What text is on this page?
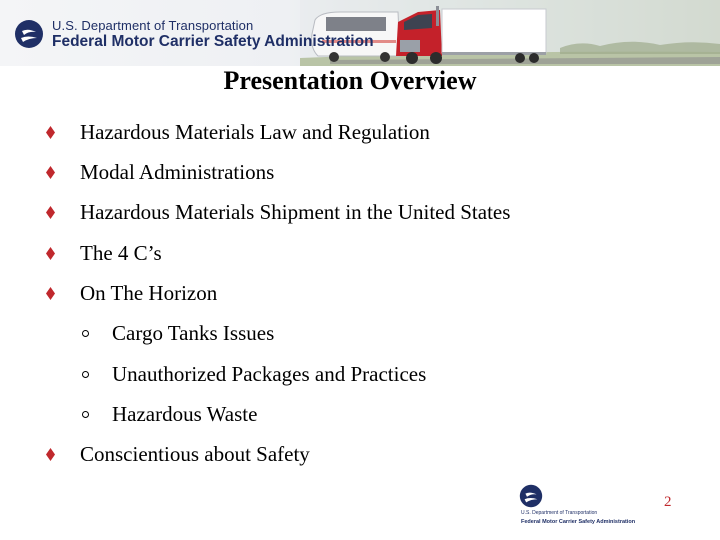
U.S. Department of Transportation
Federal Motor Carrier Safety Administration
Presentation Overview
Hazardous Materials Law and Regulation
Modal Administrations
Hazardous Materials Shipment in the United States
The 4 C’s
On The Horizon
Cargo Tanks Issues
Unauthorized Packages and Practices
Hazardous Waste
Conscientious about Safety
U.S. Department of Transportation
Federal Motor Carrier Safety Administration
2
